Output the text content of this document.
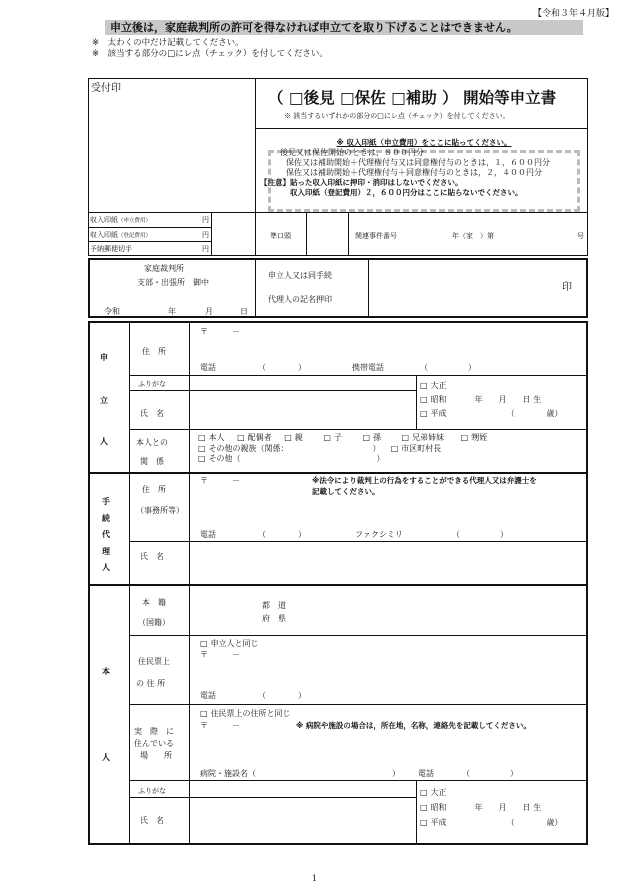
【令和３年４月版】
申立後は，家庭裁判所の許可を得なければ申立てを取り下げることはできません。
※　太わくの中だけ記載してください。
※　該当する部分の□にレ点（チェック）を付してください。
受付印
（ □後見 □保佐 □補助 ） 開始等申立書
※ 該当するいずれかの部分の□にレ点（チェック）を付してください。
※ 収入印紙（申立費用）をここに貼ってください。
後見又は保佐開始のときは，８００円分
保佐又は補助開始＋代理権付与又は同意権付与のときは，１，６００円分
保佐又は補助開始＋代理権付与＋同意権付与のときは，２，４００円分
【注意】貼った収入印紙に押印・消印はしないでください。
収入印紙（登記費用）２，６００円分はここに貼らないでください。
収入印紙（申立費用）	円
収入印紙（登記費用）	円
予納郵便切手	円
準口頭	関連事件番号	年（家　）第	号
家庭裁判所
支部・出張所　御中
令和	年	月	日
申立人又は同手続
代理人の記名押印
印
申
立
人
住　所
〒　　　－
電話	（　　　　）	携帯電話	（　　　　　）
ふりがな
氏　名
□ 大正
□ 昭和	年　　月　　日 生
□ 平成	（　　　　歳）
本人との
関　係
□ 本人	□ 配偶者	□ 親	□ 子	□ 孫	□ 兄弟姉妹	□ 甥姪
□ その他の親族（関係：　　　　　　　　　　　）	□ 市区町村長
□ その他（　　　　　　　　　　　　　　　　　）
手
続
代
理
人
住　所
（事務所等）
〒　　　－	※法令により裁判上の行為をすることができる代理人又は弁護士を
記載してください。
電話	（　　　　）	ファクシミリ	（　　　　　）
氏　名
本
人
本　籍
（国籍）
都　道
府　県
住民票上
の 住 所
□ 申立人と同じ
〒　　　－
電話	（　　　　）
実　際　に
住んでいる
場　　所
□ 住民票上の住所と同じ
〒　　　－	※ 病院や施設の場合は，所在地，名称，連絡先を記載してください。
病院・施設名（　　　　　　　　　　　　　　　　　） 電話	（　　　　　）
ふりがな
氏　名
□ 大正
□ 昭和	年　　月　　日 生
□ 平成	（　　　　歳）
1
